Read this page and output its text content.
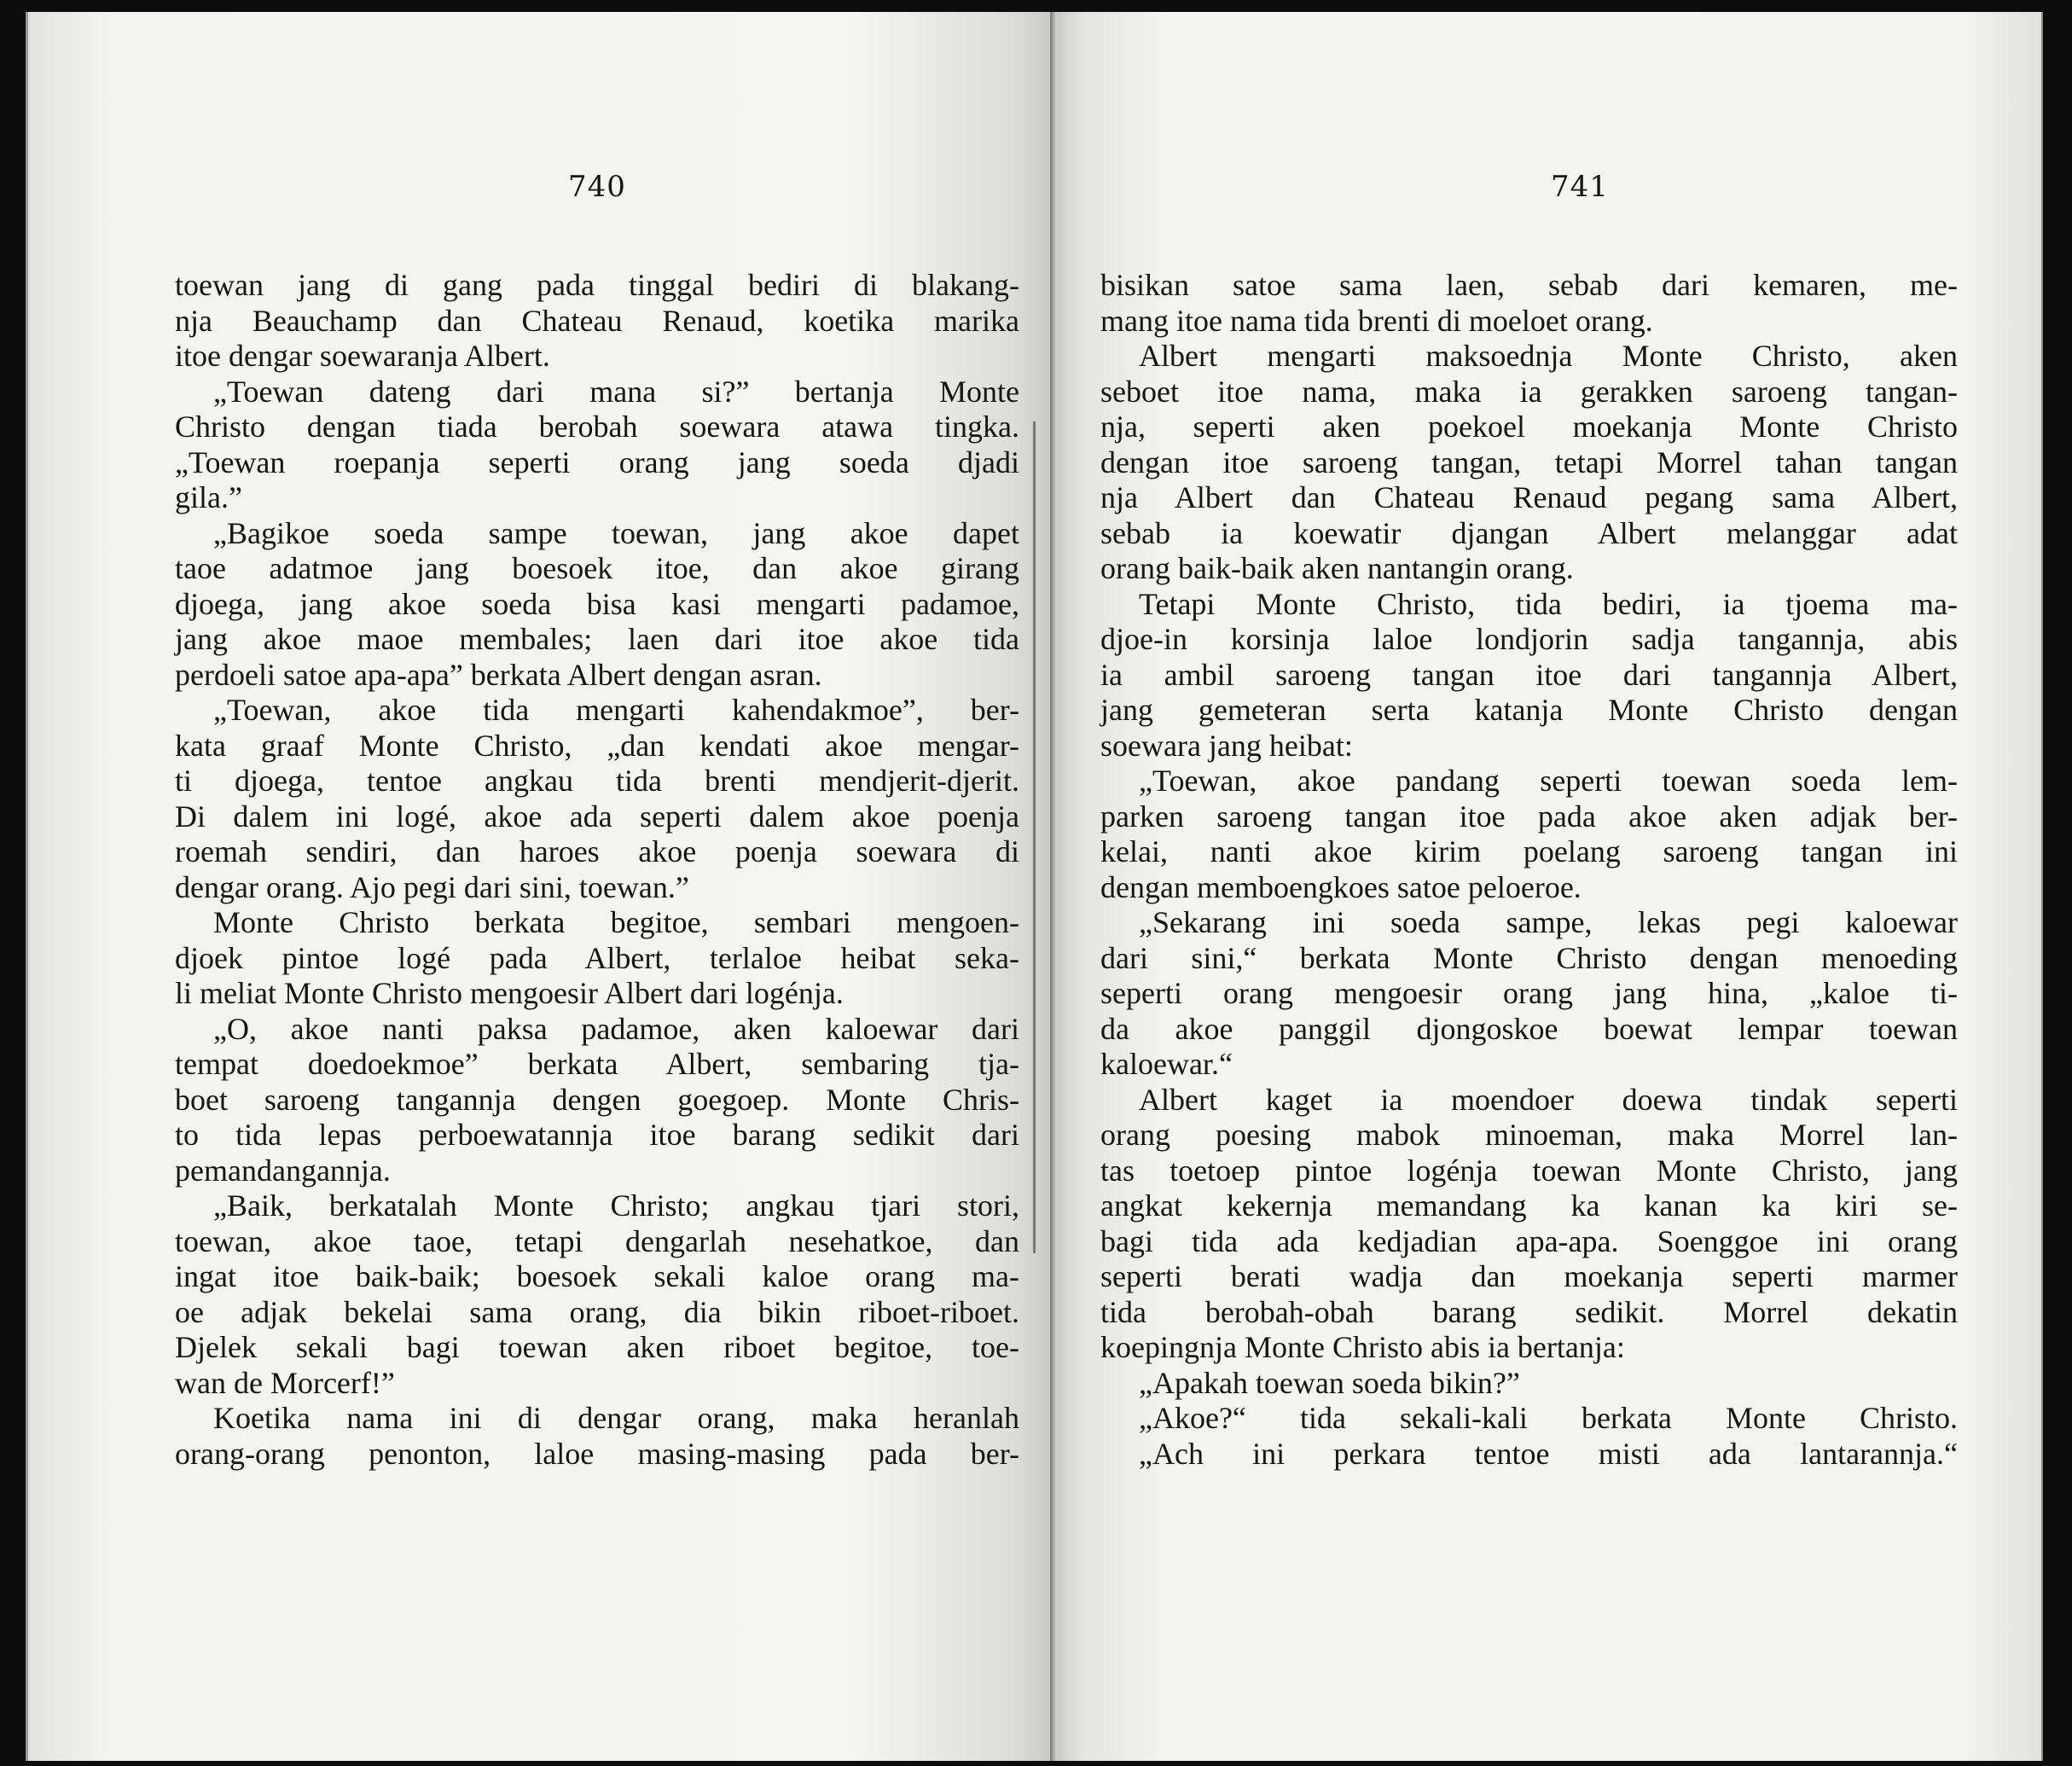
740
toewan jang di gang pada tinggal bediri di blakang-
nja Beauchamp dan Chateau Renaud, koetika marika
itoe dengar soewaranja Albert.
„Toewan dateng dari mana si?” bertanja Monte
Christo dengan tiada berobah soewara atawa tingka.
„Toewan roepanja seperti orang jang soeda djadi
gila.”
„Bagikoe soeda sampe toewan, jang akoe dapet
taoe adatmoe jang boesoek itoe, dan akoe girang
djoega, jang akoe soeda bisa kasi mengarti padamoe,
jang akoe maoe membales; laen dari itoe akoe tida
perdoeli satoe apa-apa” berkata Albert dengan asran.
„Toewan, akoe tida mengarti kahendakmoe”, ber-
kata graaf Monte Christo, „dan kendati akoe mengar-
ti djoega, tentoe angkau tida brenti mendjerit-djerit.
Di dalem ini logé, akoe ada seperti dalem akoe poenja
roemah sendiri, dan haroes akoe poenja soewara di
dengar orang. Ajo pegi dari sini, toewan.”
Monte Christo berkata begitoe, sembari mengoen-
djoek pintoe logé pada Albert, terlaloe heibat seka-
li meliat Monte Christo mengoesir Albert dari logénja.
„O, akoe nanti paksa padamoe, aken kaloewar dari
tempat doedoekmoe” berkata Albert, sembaring tja-
boet saroeng tangannja dengen goegoep. Monte Chris-
to tida lepas perboewatannja itoe barang sedikit dari
pemandangannja.
„Baik, berkatalah Monte Christo; angkau tjari stori,
toewan, akoe taoe, tetapi dengarlah nesehatkoe, dan
ingat itoe baik-baik; boesoek sekali kaloe orang ma-
oe adjak bekelai sama orang, dia bikin riboet-riboet.
Djelek sekali bagi toewan aken riboet begitoe, toe-
wan de Morcerf!”
Koetika nama ini di dengar orang, maka heranlah
orang-orang penonton, laloe masing-masing pada ber-
741
bisikan satoe sama laen, sebab dari kemaren, me-
mang itoe nama tida brenti di moeloet orang.
Albert mengarti maksoednja Monte Christo, aken
seboet itoe nama, maka ia gerakken saroeng tangan-
nja, seperti aken poekoel moekanja Monte Christo
dengan itoe saroeng tangan, tetapi Morrel tahan tangan
nja Albert dan Chateau Renaud pegang sama Albert,
sebab ia koewatir djangan Albert melanggar adat
orang baik-baik aken nantangin orang.
Tetapi Monte Christo, tida bediri, ia tjoema ma-
djoe-in korsinja laloe londjorin sadja tangannja, abis
ia ambil saroeng tangan itoe dari tangannja Albert,
jang gemeteran serta katanja Monte Christo dengan
soewara jang heibat:
„Toewan, akoe pandang seperti toewan soeda lem-
parken saroeng tangan itoe pada akoe aken adjak ber-
kelai, nanti akoe kirim poelang saroeng tangan ini
dengan memboengkoes satoe peloeroe.
„Sekarang ini soeda sampe, lekas pegi kaloewar
dari sini,“ berkata Monte Christo dengan menoeding
seperti orang mengoesir orang jang hina, „kaloe ti-
da akoe panggil djongoskoe boewat lempar toewan
kaloewar.“
Albert kaget ia moendoer doewa tindak seperti
orang poesing mabok minoeman, maka Morrel lan-
tas toetoep pintoe logénja toewan Monte Christo, jang
angkat kekernja memandang ka kanan ka kiri se-
bagi tida ada kedjadian apa-apa. Soenggoe ini orang
seperti berati wadja dan moekanja seperti marmer
tida berobah-obah barang sedikit. Morrel dekatin
koepingnja Monte Christo abis ia bertanja:
„Apakah toewan soeda bikin?”
„Akoe?“ tida sekali-kali berkata Monte Christo.
„Ach ini perkara tentoe misti ada lantarannja.“
